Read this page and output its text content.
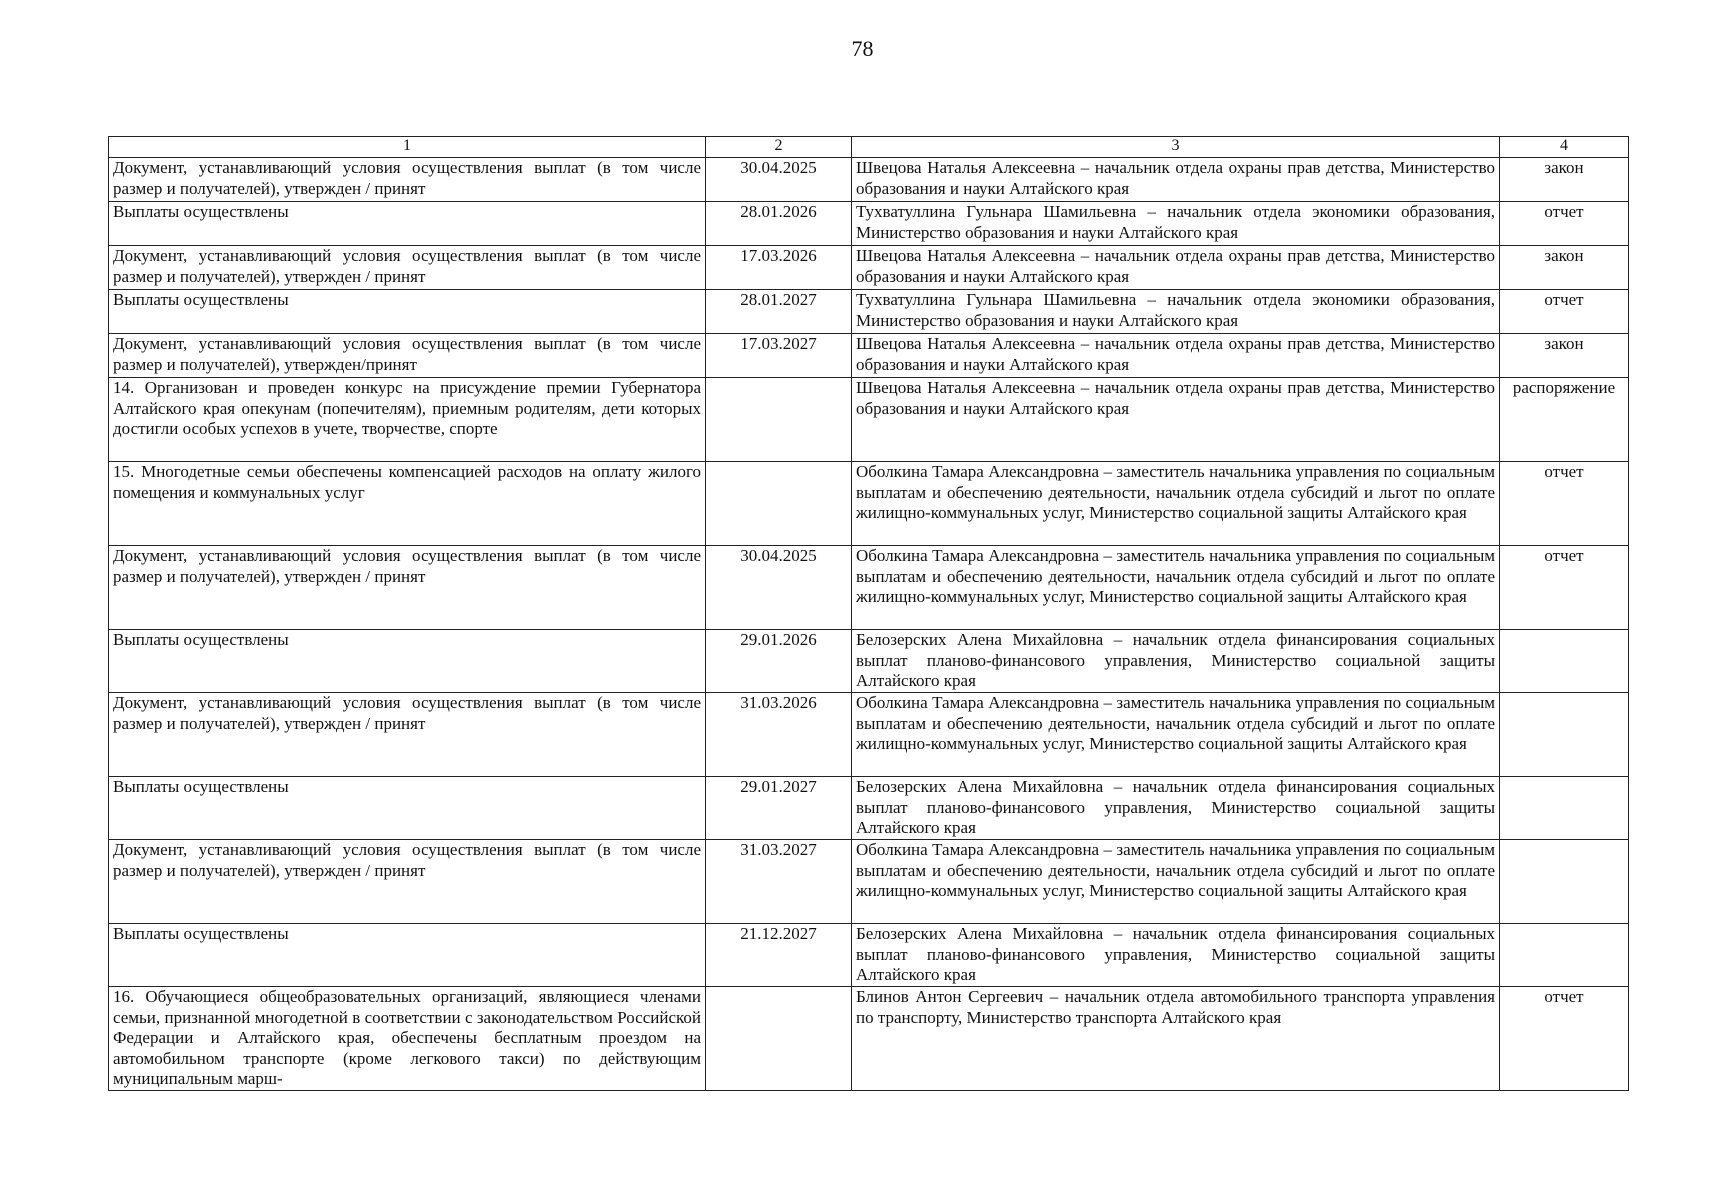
78
1	2	3	4
Документ, устанавливающий условия осуществления выплат (в том числе размер и получателей), утвержден / принят	30.04.2025	Швецова Наталья Алексеевна – начальник отдела охраны прав детства, Министерство образования и науки Алтайского края	закон
Выплаты осуществлены	28.01.2026	Тухватуллина Гульнара Шамильевна – начальник отдела экономики образования, Министерство образования и науки Алтайского края	отчет
Документ, устанавливающий условия осуществления выплат (в том числе размер и получателей), утвержден / принят	17.03.2026	Швецова Наталья Алексеевна – начальник отдела охраны прав детства, Министерство образования и науки Алтайского края	закон
Выплаты осуществлены	28.01.2027	Тухватуллина Гульнара Шамильевна – начальник отдела экономики образования, Министерство образования и науки Алтайского края	отчет
Документ, устанавливающий условия осуществления выплат (в том числе размер и получателей), утвержден/принят	17.03.2027	Швецова Наталья Алексеевна – начальник отдела охраны прав детства, Министерство образования и науки Алтайского края	закон
14. Организован и проведен конкурс на присуждение премии Губернатора Алтайского края опекунам (попечителям), приемным родителям, дети которых достигли особых успехов в учете, творчестве, спорте		Швецова Наталья Алексеевна – начальник отдела охраны прав детства, Министерство образования и науки Алтайского края	распоряжение
15. Многодетные семьи обеспечены компенсацией расходов на оплату жилого помещения и коммунальных услуг		Оболкина Тамара Александровна – заместитель начальника управления по социальным выплатам и обеспечению деятельности, начальник отдела субсидий и льгот по оплате жилищно-коммунальных услуг, Министерство социальной защиты Алтайского края	отчет
Документ, устанавливающий условия осуществления выплат (в том числе размер и получателей), утвержден / принят	30.04.2025	Оболкина Тамара Александровна – заместитель начальника управления по социальным выплатам и обеспечению деятельности, начальник отдела субсидий и льгот по оплате жилищно-коммунальных услуг, Министерство социальной защиты Алтайского края	отчет
Выплаты осуществлены	29.01.2026	Белозерских Алена Михайловна – начальник отдела финансирования социальных выплат планово-финансового управления, Министерство социальной защиты Алтайского края	
Документ, устанавливающий условия осуществления выплат (в том числе размер и получателей), утвержден / принят	31.03.2026	Оболкина Тамара Александровна – заместитель начальника управления по социальным выплатам и обеспечению деятельности, начальник отдела субсидий и льгот по оплате жилищно-коммунальных услуг, Министерство социальной защиты Алтайского края	
Выплаты осуществлены	29.01.2027	Белозерских Алена Михайловна – начальник отдела финансирования социальных выплат планово-финансового управления, Министерство социальной защиты Алтайского края	
Документ, устанавливающий условия осуществления выплат (в том числе размер и получателей), утвержден / принят	31.03.2027	Оболкина Тамара Александровна – заместитель начальника управления по социальным выплатам и обеспечению деятельности, начальник отдела субсидий и льгот по оплате жилищно-коммунальных услуг, Министерство социальной защиты Алтайского края	
Выплаты осуществлены	21.12.2027	Белозерских Алена Михайловна – начальник отдела финансирования социальных выплат планово-финансового управления, Министерство социальной защиты Алтайского края	
16. Обучающиеся общеобразовательных организаций, являющиеся членами семьи, признанной многодетной в соответствии с законодательством Российской Федерации и Алтайского края, обеспечены бесплатным проездом на автомобильном транспорте (кроме легкового такси) по действующим муниципальным марш-		Блинов Антон Сергеевич – начальник отдела автомобильного транспорта управления по транспорту, Министерство транспорта Алтайского края	отчет
